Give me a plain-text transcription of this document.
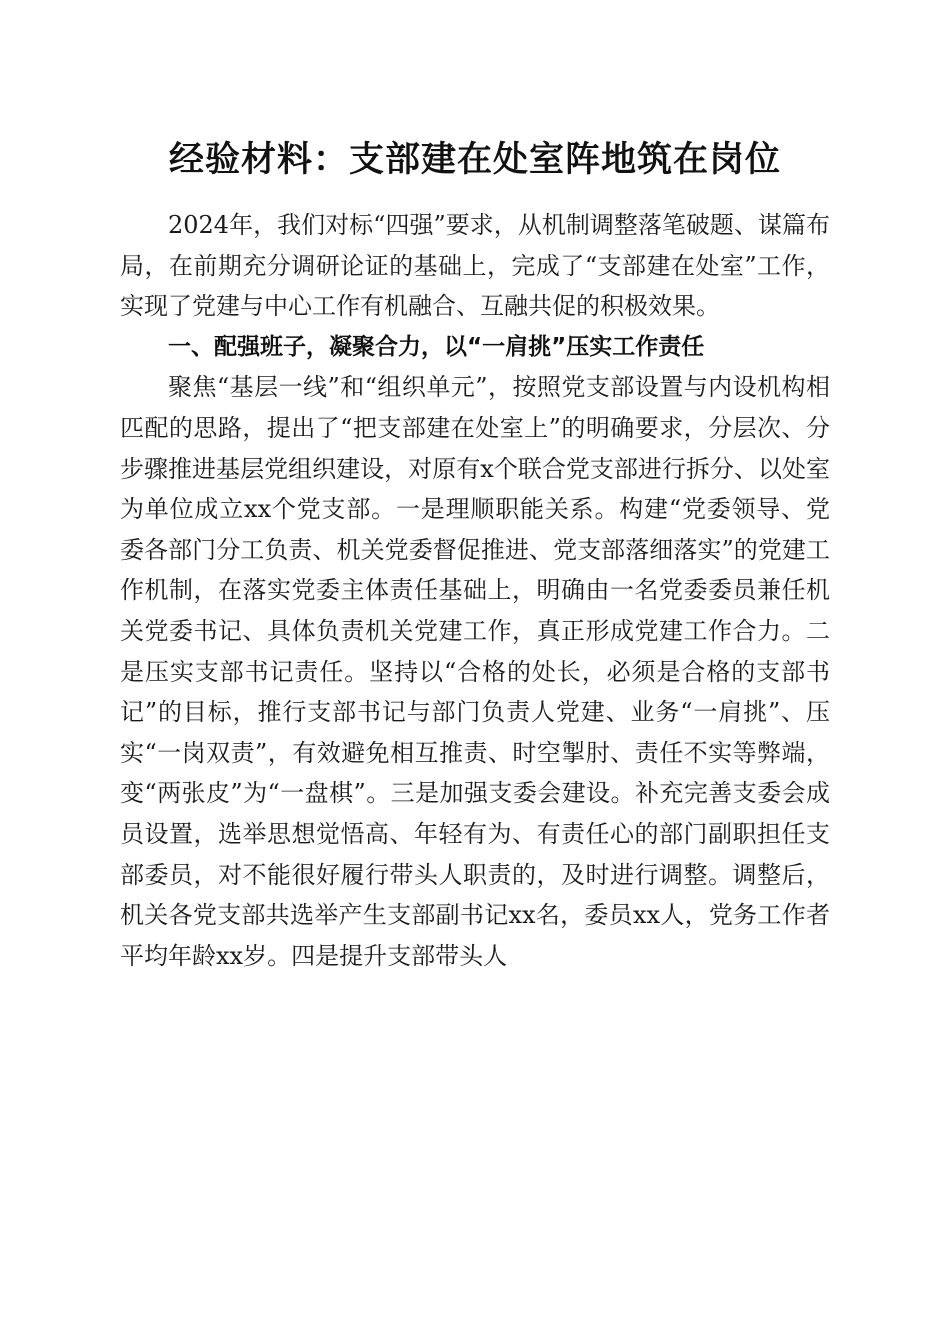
经验材料：支部建在处室阵地筑在岗位

2024年，我们对标“四强”要求，从机制调整落笔破题、谋篇布局，在前期充分调研论证的基础上，完成了“支部建在处室”工作，实现了党建与中心工作有机融合、互融共促的积极效果。

一、配强班子，凝聚合力，以“一肩挑”压实工作责任

聚焦“基层一线”和“组织单元”，按照党支部设置与内设机构相匹配的思路，提出了“把支部建在处室上”的明确要求，分层次、分步骤推进基层党组织建设，对原有x个联合党支部进行拆分、以处室为单位成立xx个党支部。一是理顺职能关系。构建“党委领导、党委各部门分工负责、机关党委督促推进、党支部落细落实”的党建工作机制，在落实党委主体责任基础上，明确由一名党委委员兼任机关党委书记、具体负责机关党建工作，真正形成党建工作合力。二是压实支部书记责任。坚持以“合格的处长，必须是合格的支部书记”的目标，推行支部书记与部门负责人党建、业务“一肩挑”、压实“一岗双责”，有效避免相互推责、时空掣肘、责任不实等弊端，变“两张皮”为“一盘棋”。三是加强支委会建设。补充完善支委会成员设置，选举思想觉悟高、年轻有为、有责任心的部门副职担任支部委员，对不能很好履行带头人职责的，及时进行调整。调整后，机关各党支部共选举产生支部副书记xx名，委员xx人，党务工作者平均年龄xx岁。四是提升支部带头人
